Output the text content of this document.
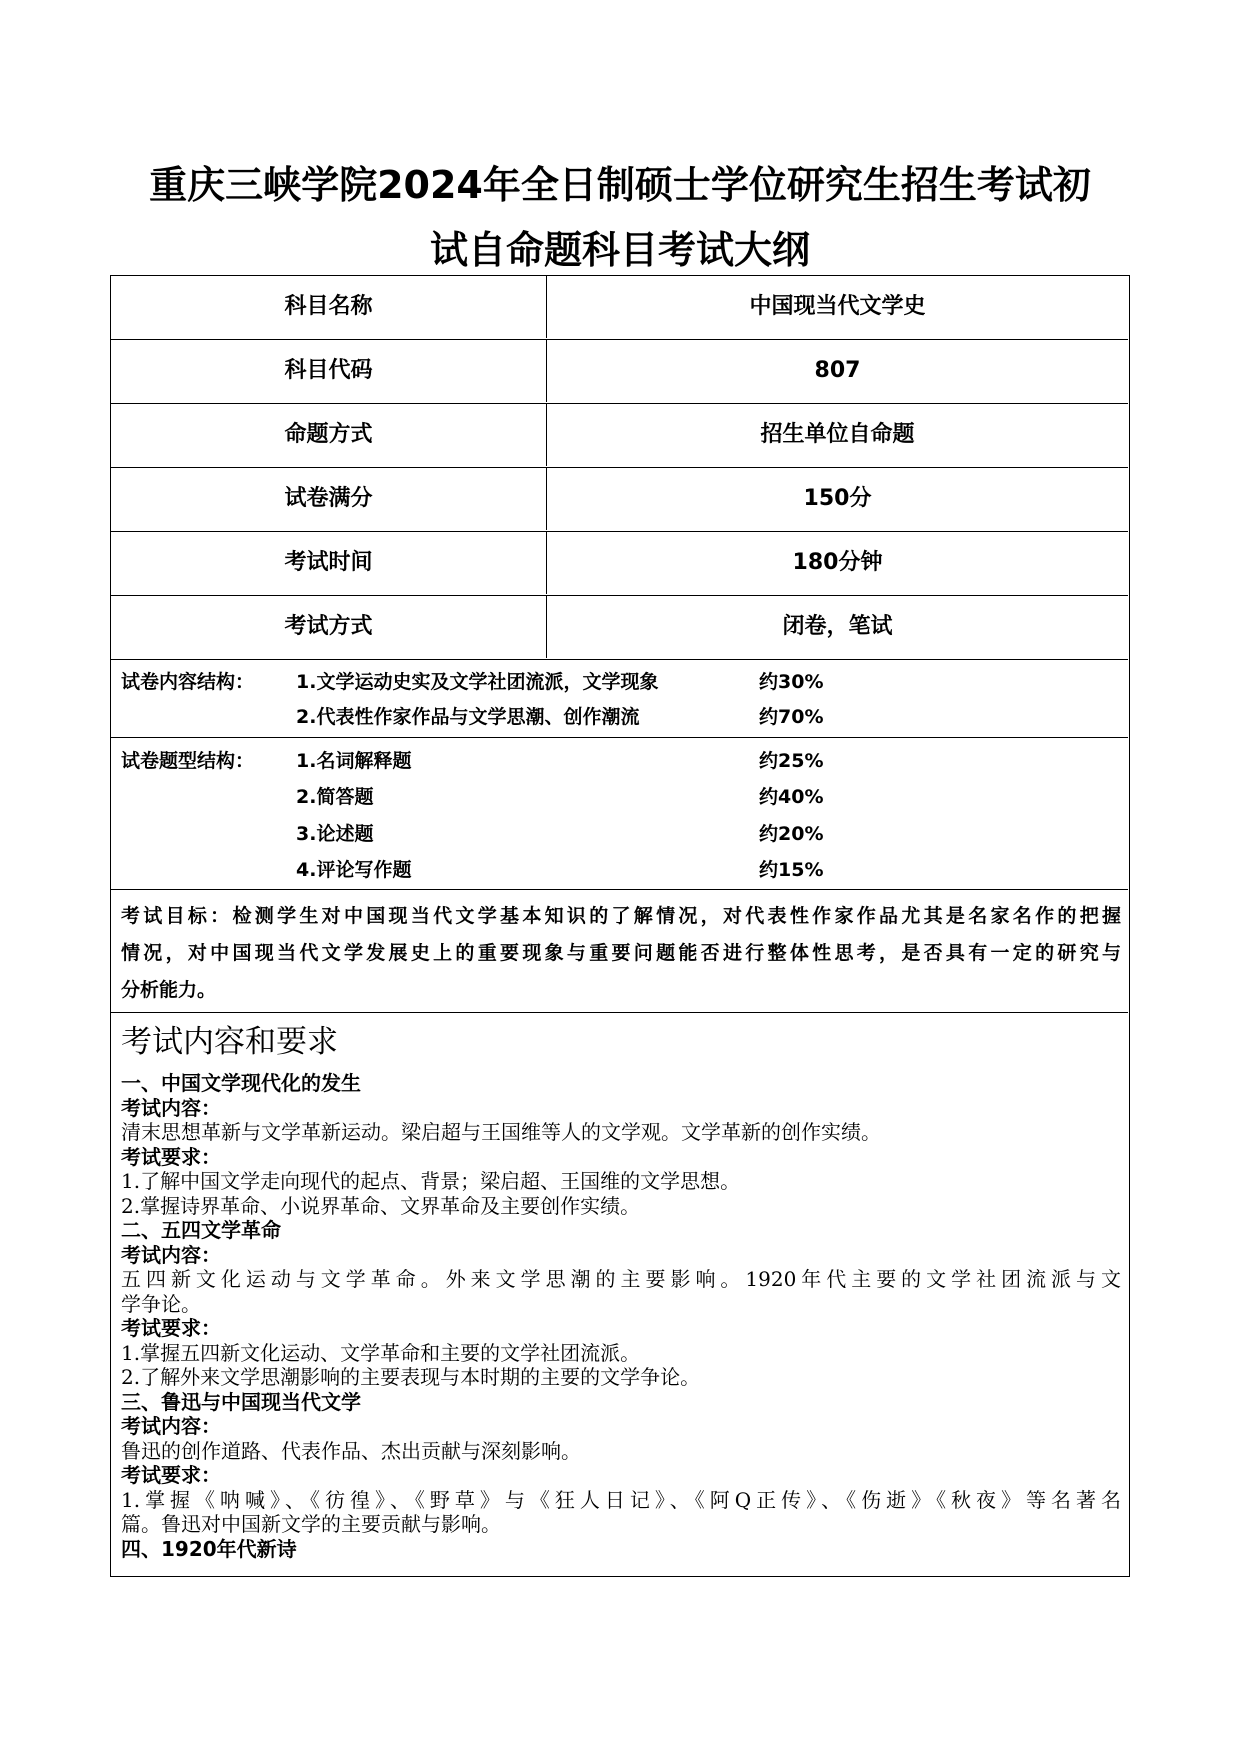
重庆三峡学院2024年全日制硕士学位研究生招生考试初
试自命题科目考试大纲
科目名称	中国现当代文学史
科目代码	807
命题方式	招生单位自命题
试卷满分	150分
考试时间	180分钟
考试方式	闭卷，笔试
试卷内容结构： 1.文学运动史实及文学社团流派，文学现象	约30%
2.代表性作家作品与文学思潮、创作潮流	约70%
试卷题型结构： 1.名词解释题	约25%
2.简答题	约40%
3.论述题	约20%
4.评论写作题	约15%
考试目标：检测学生对中国现当代文学基本知识的了解情况，对代表性作家作品尤其是名家名作的把握
情况，对中国现当代文学发展史上的重要现象与重要问题能否进行整体性思考，是否具有一定的研究与
分析能力。
考试内容和要求
一、中国文学现代化的发生
考试内容：
清末思想革新与文学革新运动。梁启超与王国维等人的文学观。文学革新的创作实绩。
考试要求：
1.了解中国文学走向现代的起点、背景；梁启超、王国维的文学思想。
2.掌握诗界革命、小说界革命、文界革命及主要创作实绩。
二、五四文学革命
考试内容：
五四新文化运动与文学革命。外来文学思潮的主要影响。1920年代主要的文学社团流派与文
学争论。
考试要求：
1.掌握五四新文化运动、文学革命和主要的文学社团流派。
2.了解外来文学思潮影响的主要表现与本时期的主要的文学争论。
三、鲁迅与中国现当代文学
考试内容：
鲁迅的创作道路、代表作品、杰出贡献与深刻影响。
考试要求：
1.掌握《呐喊》、《彷徨》、《野草》与《狂人日记》、《阿Q正传》、《伤逝》《秋夜》等名著名
篇。鲁迅对中国新文学的主要贡献与影响。
四、1920年代新诗
